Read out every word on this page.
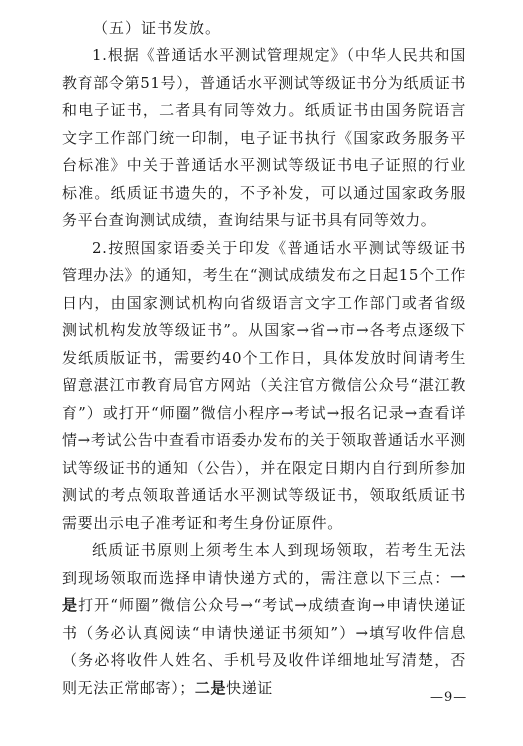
（五）证书发放。

1.根据《普通话水平测试管理规定》（中华人民共和国教育部令第51号），普通话水平测试等级证书分为纸质证书和电子证书，二者具有同等效力。纸质证书由国务院语言文字工作部门统一印制，电子证书执行《国家政务服务平台标准》中关于普通话水平测试等级证书电子证照的行业标准。纸质证书遗失的，不予补发，可以通过国家政务服务平台查询测试成绩，查询结果与证书具有同等效力。

2.按照国家语委关于印发《普通话水平测试等级证书管理办法》的通知，考生在“测试成绩发布之日起15个工作日内，由国家测试机构向省级语言文字工作部门或者省级测试机构发放等级证书”。从国家→省→市→各考点逐级下发纸质版证书，需要约40个工作日，具体发放时间请考生留意湛江市教育局官方网站（关注官方微信公众号“湛江教育”）或打开“师圈”微信小程序→考试→报名记录→查看详情→考试公告中查看市语委办发布的关于领取普通话水平测试等级证书的通知（公告），并在限定日期内自行到所参加测试的考点领取普通话水平测试等级证书，领取纸质证书需要出示电子准考证和考生身份证原件。

纸质证书原则上须考生本人到现场领取，若考生无法到现场领取而选择申请快递方式的，需注意以下三点：一是打开“师圈”微信公众号→“考试→成绩查询→申请快递证书（务必认真阅读“申请快递证书须知”）→填写收件信息（务必将收件人姓名、手机号及收件详细地址写清楚，否则无法正常邮寄）；二是快递证

—9—
